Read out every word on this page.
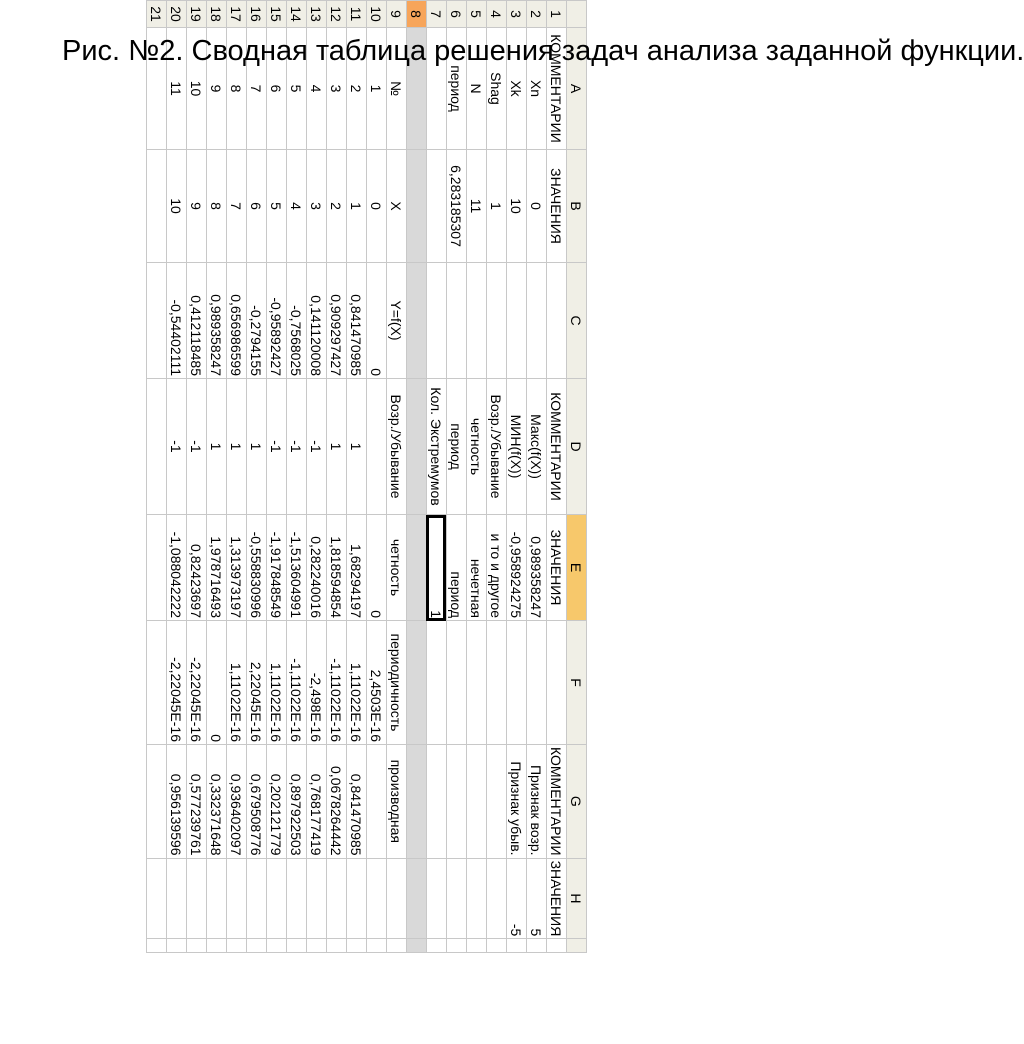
	A	B	C	D	E	F	G	H	
1	КОММЕНТАРИИ	ЗНАЧЕНИЯ		КОММЕНТАРИИ	ЗНАЧЕНИЯ		КОММЕНТАРИИ	ЗНАЧЕНИЯ	
2	Xn	0		Макс(f(X))	0,989358247		Признак возр.	5	
3	Xk	10		МИН(f(X))	-0,958924275		Признак убыв.	-5	
4	Shag	1		Возр./Убывание	и то и другое				
5	N	11		четность	нечетная				
6	период	6,283185307		период	период				
7				Кол. Экстремумов	1				
8									
9	№	X	Y=f(X)	Возр./Убывание	четность	периодичность	производная		
10	1	0	0		0	2,4503E-16			
11	2	1	0,841470985	1	1,68294197	1,11022E-16	0,841470985		
12	3	2	0,909297427	1	1,818594854	-1,11022E-16	0,0678264442		
13	4	3	0,141120008	-1	0,282240016	-2,498E-16	0,768177419		
14	5	4	-0,7568025	-1	-1,513604991	-1,11022E-16	0,897922503		
15	6	5	-0,95892427	-1	-1,917848549	1,11022E-16	0,202121779		
16	7	6	-0,2794155	1	-0,558830996	2,22045E-16	0,679508776		
17	8	7	0,656986599	1	1,313973197	1,11022E-16	0,936402097		
18	9	8	0,989358247	1	1,978716493	0	0,332371648		
19	10	9	0,412118485	-1	0,82423697	-2,22045E-16	0,577239761		
20	11	10	-0,54402111	-1	-1,088042222	-2,22045E-16	0,956139596		
21									
Рис. №2. Сводная таблица решения задач анализа заданной функции.
